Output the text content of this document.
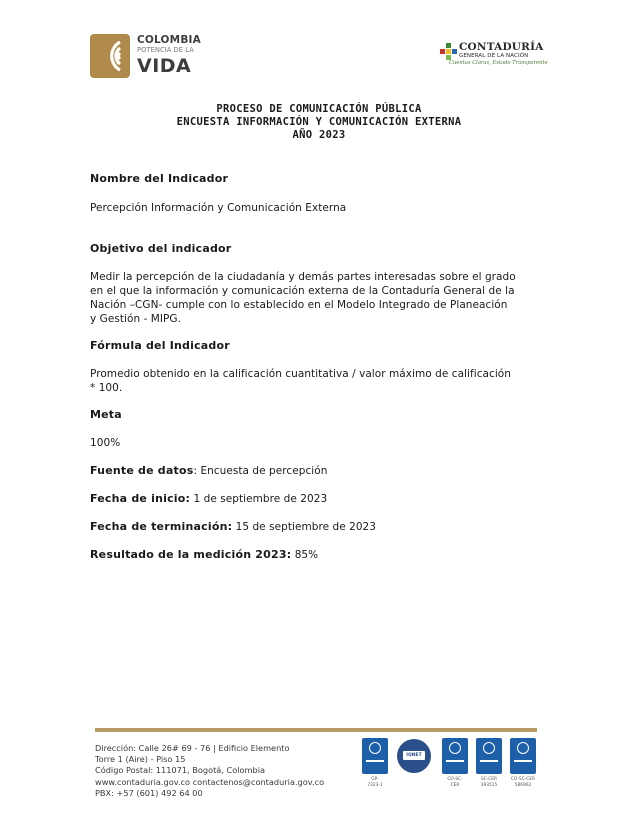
COLOMBIA
POTENCIA DE LA
VIDA
CONTADURÍA
GENERAL DE LA NACIÓN
Cuentas Claras, Estado Transparente
PROCESO DE COMUNICACIÓN PÚBLICA
ENCUESTA INFORMACIÓN Y COMUNICACIÓN EXTERNA
AÑO 2023
Nombre del Indicador
Percepción Información y Comunicación Externa
Objetivo del indicador
Medir la percepción de la ciudadanía y demás partes interesadas sobre el grado
en el que la información y comunicación externa de la Contaduría General de la
Nación –CGN- cumple con lo establecido en el Modelo Integrado de Planeación
y Gestión - MIPG.
Fórmula del Indicador
Promedio obtenido en la calificación cuantitativa / valor máximo de calificación
* 100.
Meta
100%
Fuente de datos: Encuesta de percepción
Fecha de inicio: 1 de septiembre de 2023
Fecha de terminación: 15 de septiembre de 2023
Resultado de la medición 2023: 85%
Dirección: Calle 26# 69 - 76 | Edificio Elemento
Torre 1 (Aire) - Piso 15
Código Postal: 111071, Bogotá, Colombia
www.contaduria.gov.co contactenos@contaduria.gov.co
PBX: +57 (601) 492 64 00
GP-
7323-1
IQNET
CO-SC-
CER
SC-CER
393515
CO-SC-CER
586962
